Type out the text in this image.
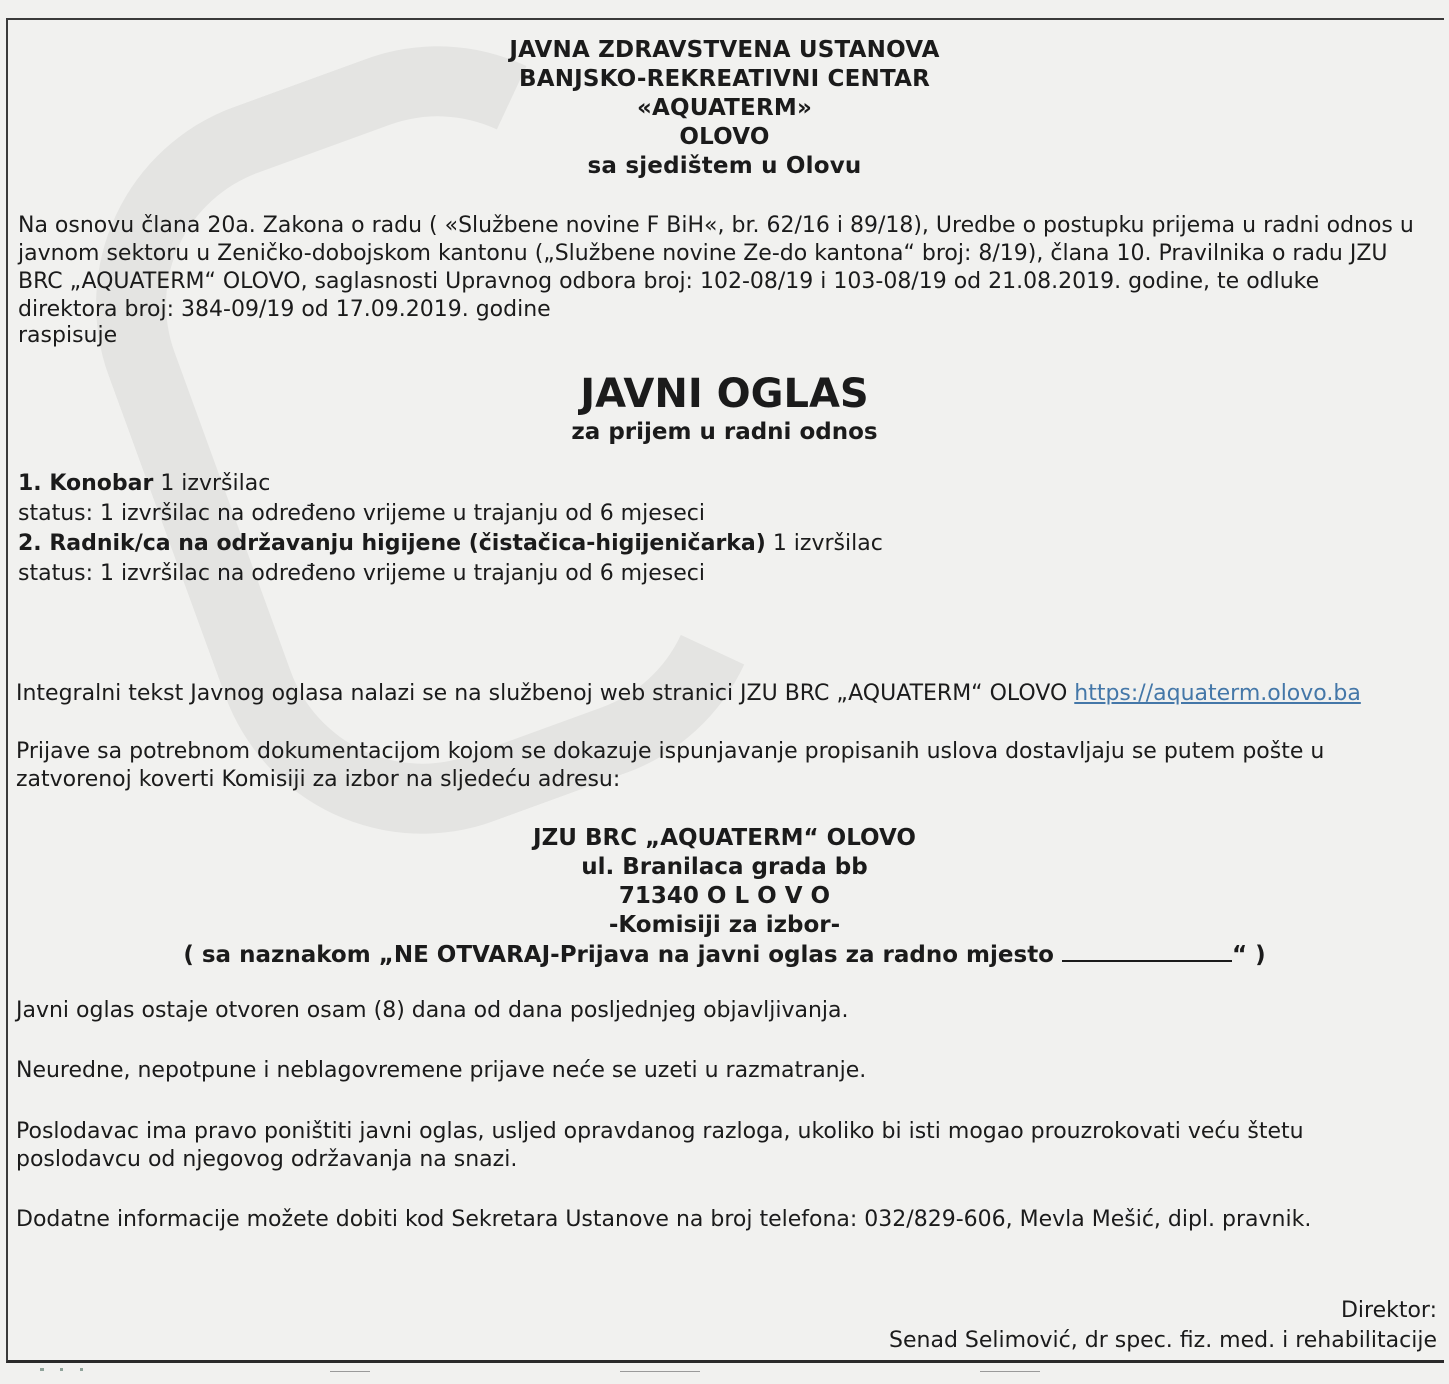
JAVNA ZDRAVSTVENA USTANOVA
BANJSKO-REKREATIVNI CENTAR
«AQUATERM»
OLOVO
sa sjedištem u Olovu
Na osnovu člana 20a. Zakona o radu ( «Službene novine F BiH«, br. 62/16 i 89/18), Uredbe o postupku prijema u radni odnos u javnom sektoru u Zeničko-dobojskom kantonu („Službene novine Ze-do kantona“ broj: 8/19), člana 10. Pravilnika o radu JZU BRC „AQUATERM“ OLOVO, saglasnosti Upravnog odbora broj: 102-08/19 i 103-08/19 od 21.08.2019. godine, te odluke direktora broj: 384-09/19 od 17.09.2019. godine
raspisuje
JAVNI OGLAS
za prijem u radni odnos
1. Konobar 1 izvršilac
status: 1 izvršilac na određeno vrijeme u trajanju od 6 mjeseci
2. Radnik/ca na održavanju higijene (čistačica-higijeničarka) 1 izvršilac
status: 1 izvršilac na određeno vrijeme u trajanju od 6 mjeseci
Integralni tekst Javnog oglasa nalazi se na službenoj web stranici JZU BRC „AQUATERM“ OLOVO https://aquaterm.olovo.ba
Prijave sa potrebnom dokumentacijom kojom se dokazuje ispunjavanje propisanih uslova dostavljaju se putem pošte u zatvorenoj koverti Komisiji za izbor na sljedeću adresu:
JZU BRC „AQUATERM“ OLOVO
ul. Branilaca grada bb
71340 O L O V O
-Komisiji za izbor-
( sa naznakom „NE OTVARAJ-Prijava na javni oglas za radno mjesto	“ )
Javni oglas ostaje otvoren osam (8) dana od dana posljednjeg objavljivanja.
Neuredne, nepotpune i neblagovremene prijave neće se uzeti u razmatranje.
Poslodavac ima pravo poništiti javni oglas, usljed opravdanog razloga, ukoliko bi isti mogao prouzrokovati veću štetu poslodavcu od njegovog održavanja na snazi.
Dodatne informacije možete dobiti kod Sekretara Ustanove na broj telefona: 032/829-606, Mevla Mešić, dipl. pravnik.
Direktor:
Senad Selimović, dr spec. fiz. med. i rehabilitacije
